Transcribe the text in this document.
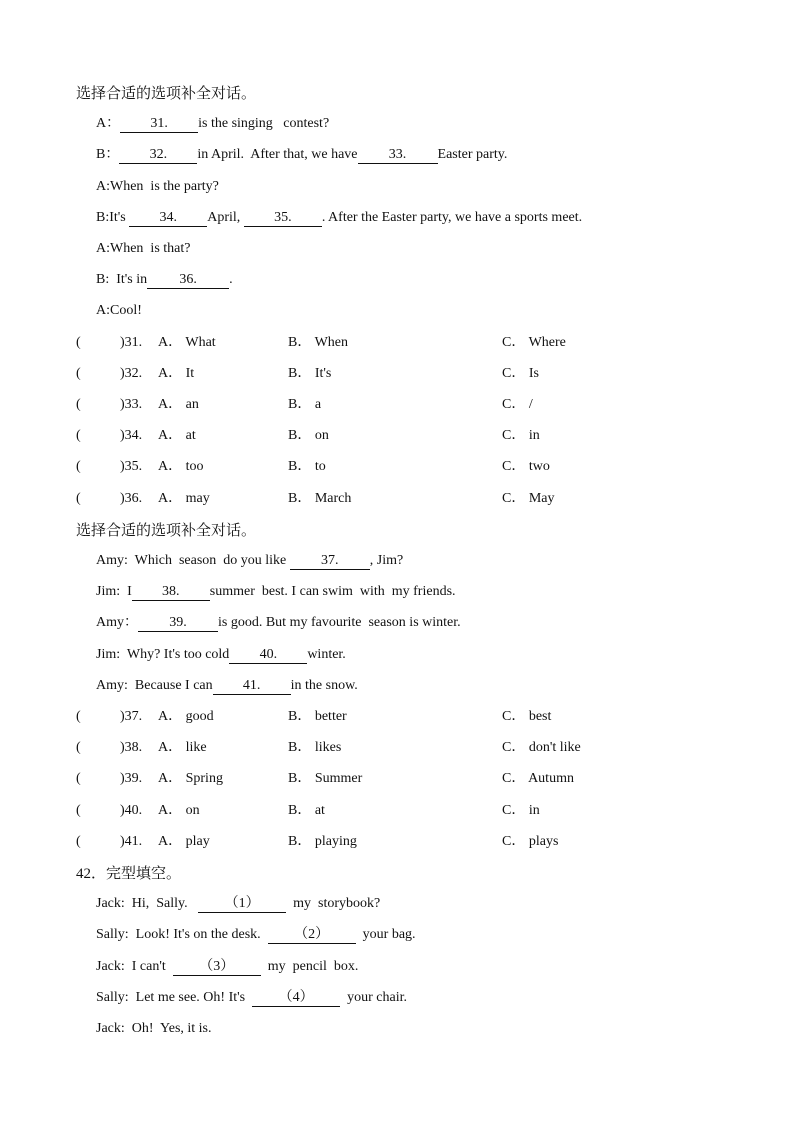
选择合适的选项补全对话。
A： 31. is the singing   contest?
B： 32. in April.  After that, we have 33. Easter party.
A:When  is the party?
B:It's 34. April, 35. . After the Easter party, we have a sports meet.
A:When  is that?
B:  It's in 36. .
A:Cool!
(	)31. A． What	B． When	C． Where
(	)32. A． It	B． It's	C． Is
(	)33. A． an	B． a	C． /
(	)34. A． at	B． on	C． in
(	)35. A． too	B． to	C． two
(	)36. A． may	B． March	C． May
选择合适的选项补全对话。
Amy:  Which  season  do you like 37. , Jim?
Jim:  I 38. summer  best. I can swim  with  my friends.
Amy： 39. is good. But my favourite  season is winter.
Jim:  Why? It's too cold 40. winter.
Amy:  Because I can 41. in the snow.
(	)37. A． good	B． better	C． best
(	)38. A． like	B． likes	C． don't like
(	)39. A． Spring	B． Summer	C． Autumn
(	)40. A． on	B． at	C． in
(	)41. A． play	B． playing	C． plays
42．完型填空。
Jack:  Hi,  Sally.   （1）  my  storybook?
Sally:  Look! It's on the desk.  （2）  your bag.
Jack:  I can't  （3）  my  pencil  box.
Sally:  Let me see. Oh! It's  （4）  your chair.
Jack:  Oh!  Yes, it is.
